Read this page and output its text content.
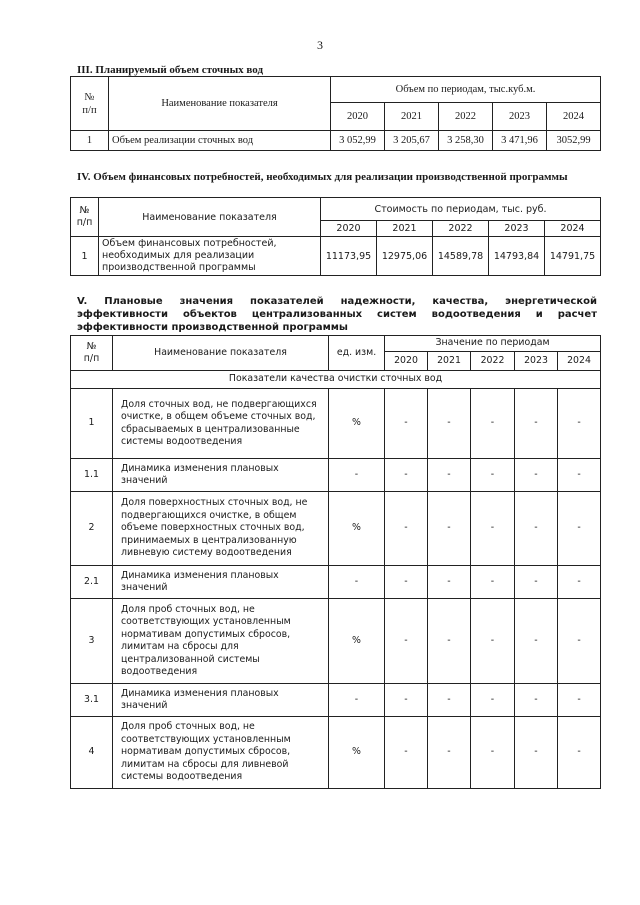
3
III. Планируемый объем сточных вод
№
п/п	Наименование показателя	Объем по периодам, тыс.куб.м.				
		2020	2021	2022	2023	2024
1	Объем реализации сточных вод	3 052,99	3 205,67	3 258,30	3 471,96	3052,99
IV. Объем финансовых потребностей, необходимых для реализации производственной программы
№
п/п	Наименование показателя	Стоимость по периодам, тыс. руб.				
		2020	2021	2022	2023	2024
1	Объем финансовых потребностей, необходимых для реализации производственной программы	11173,95	12975,06	14589,78	14793,84	14791,75
V. Плановые значения показателей надежности, качества, энергетической эффективности объектов централизованных систем водоотведения и расчет эффективности производственной программы
№
п/п	Наименование показателя	ед. изм.	Значение по периодам				
			2020	2021	2022	2023	2024
Показатели качества очистки сточных вод							
1	Доля сточных вод, не подвергающихся очистке, в общем объеме сточных вод, сбрасываемых в централизованные системы водоотведения	%	-	-	-	-	-
1.1	Динамика изменения плановых значений	-	-	-	-	-	-
2	Доля поверхностных сточных вод, не подвергающихся очистке, в общем объеме поверхностных сточных вод, принимаемых в централизованную ливневую систему водоотведения	%	-	-	-	-	-
2.1	Динамика изменения плановых значений	-	-	-	-	-	-
3	Доля проб сточных вод, не соответствующих установленным нормативам допустимых сбросов, лимитам на сбросы для централизованной системы водоотведения	%	-	-	-	-	-
3.1	Динамика изменения плановых значений	-	-	-	-	-	-
4	Доля проб сточных вод, не соответствующих установленным нормативам допустимых сбросов, лимитам на сбросы для ливневой системы водоотведения	%	-	-	-	-	-
